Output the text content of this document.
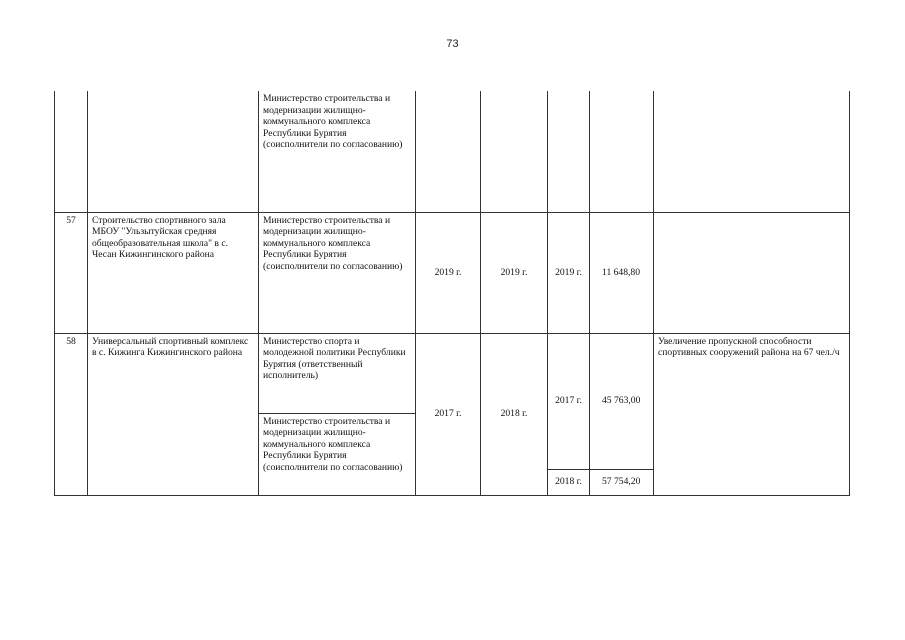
73
		Министерство строительства и модернизации жилищно-коммунального комплекса Республики Бурятия (соисполнители по согласованию)					
57	Строительство спортивного зала МБОУ "Ульзытуйская средняя общеобразовательная школа" в с. Чесан Кижингинского района	Министерство строительства и модернизации жилищно-коммунального комплекса Республики Бурятия (соисполнители по согласованию)	2019 г.	2019 г.	2019 г.	11 648,80	
58	Универсальный спортивный комплекс в с. Кижинга Кижингинского района	Министерство спорта и молодежной политики Республики Бурятия (ответственный исполнитель)	2017 г.	2018 г.	2017 г.	45 763,00	Увеличение пропускной способности спортивных сооружений района на 67 чел./ч
		Министерство строительства и модернизации жилищно-коммунального комплекса Республики Бурятия (соисполнители по согласованию)					
					2018 г.	57 754,20	
